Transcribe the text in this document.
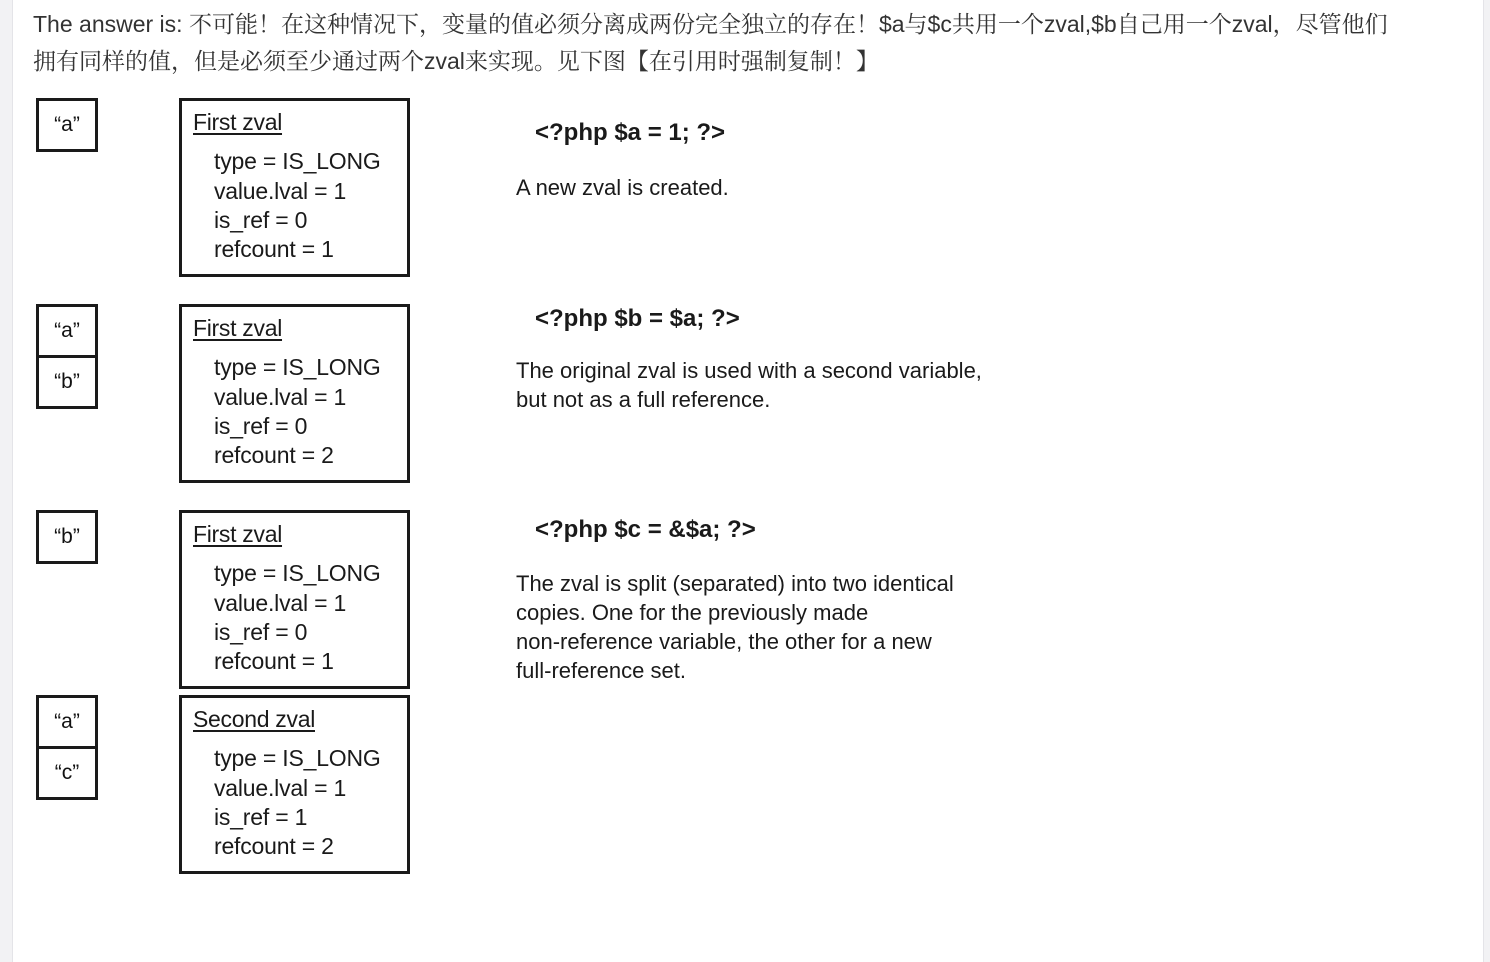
The answer is: 不可能！在这种情况下，变量的值必须分离成两份完全独立的存在！$a与$c共用一个zval,$b自己用一个zval，尽管他们
拥有同样的值，但是必须至少通过两个zval来实现。见下图【在引用时强制复制！】

“a”	First zval
type = IS_LONG
value.lval = 1
is_ref = 0
refcount = 1
<?php $a = 1; ?>
A new zval is created.
“a”
“b”
First zval
type = IS_LONG
value.lval = 1
is_ref = 0
refcount = 2
<?php $b = $a; ?>
The original zval is used with a second variable,
but not as a full reference.
“b”	First zval
type = IS_LONG
value.lval = 1
is_ref = 0
refcount = 1
<?php $c = &$a; ?>
The zval is split (separated) into two identical
copies. One for the previously made
non-reference variable, the other for a new
full-reference set.
“a”
“c”
Second zval
type = IS_LONG
value.lval = 1
is_ref = 1
refcount = 2
